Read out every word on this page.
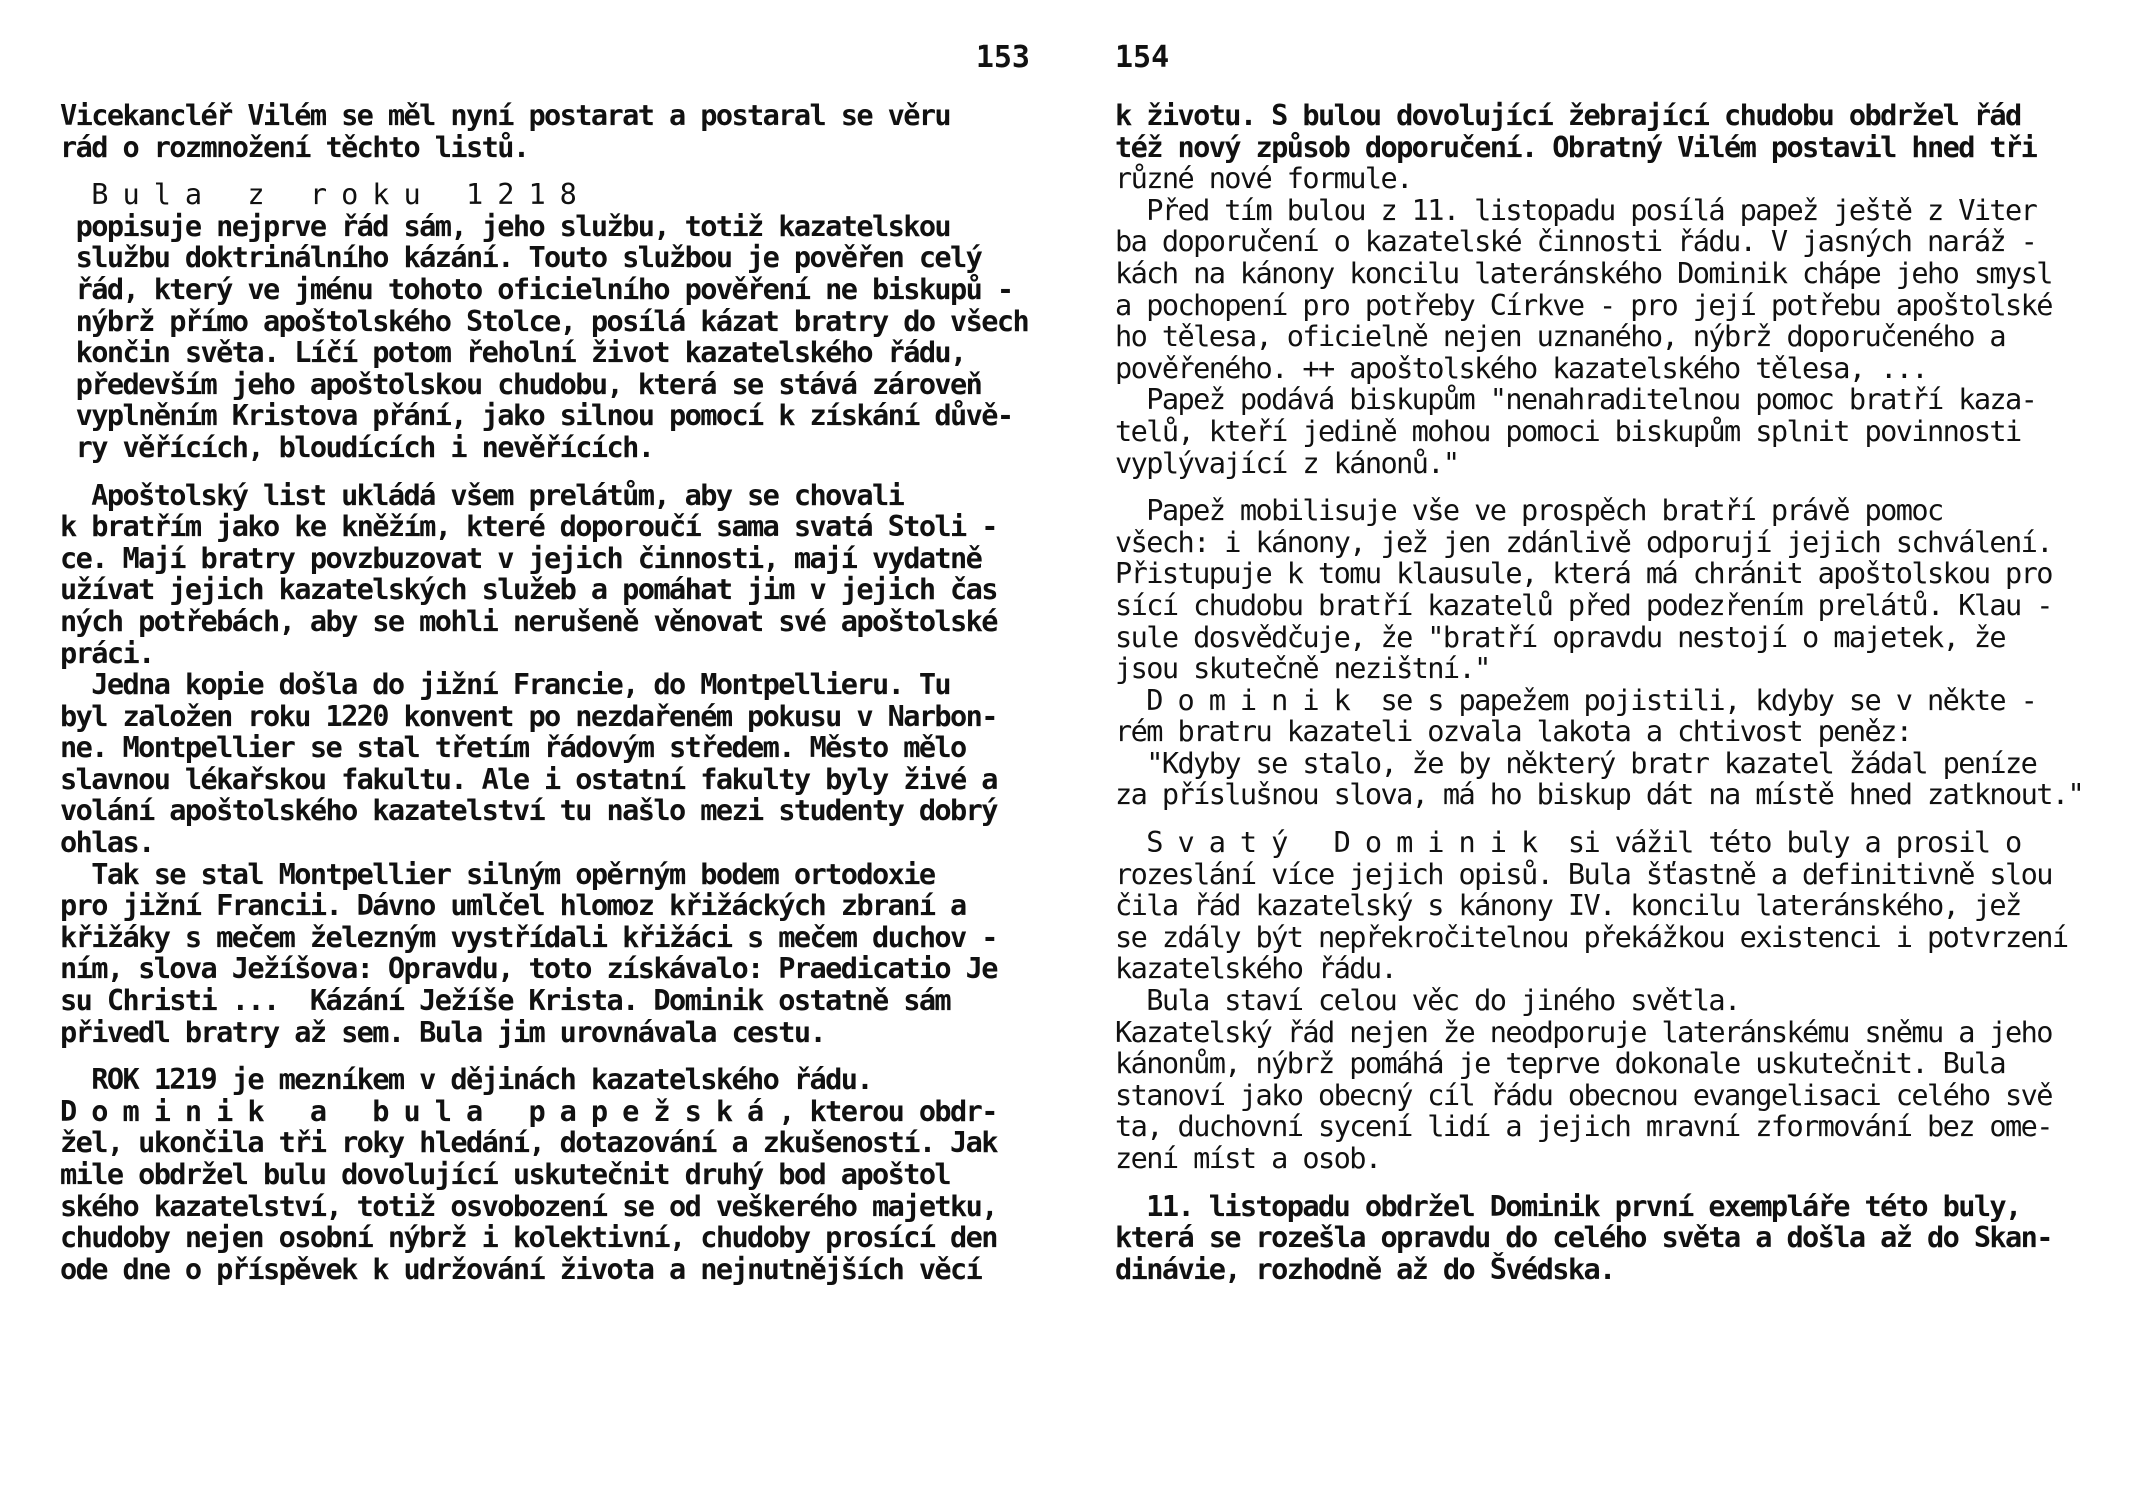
153
Vicekancléř Vilém se měl nyní postarat a postaral se věru
rád o rozmnožení těchto listů.
B u l a   z   r o k u   1 2 1 8
popisuje nejprve řád sám, jeho službu, totiž kazatelskou
službu doktrinálního kázání. Touto službou je pověřen celý
řád, který ve jménu tohoto oficielního pověření ne biskupů -
nýbrž přímo apoštolského Stolce, posílá kázat bratry do všech
končin světa. Líčí potom řeholní život kazatelského řádu,
především jeho apoštolskou chudobu, která se stává zároveň
vyplněním Kristova přání, jako silnou pomocí k získání důvě-
ry věřících, bloudících i nevěřících.
Apoštolský list ukládá všem prelátům, aby se chovali
k bratřím jako ke kněžím, které doporoučí sama svatá Stoli -
ce. Mají bratry povzbuzovat v jejich činnosti, mají vydatně
užívat jejich kazatelských služeb a pomáhat jim v jejich čas
ných potřebách, aby se mohli nerušeně věnovat své apoštolské
práci.
Jedna kopie došla do jižní Francie, do Montpellieru. Tu
byl založen roku 1220 konvent po nezdařeném pokusu v Narbon-
ne. Montpellier se stal třetím řádovým středem. Město mělo
slavnou lékařskou fakultu. Ale i ostatní fakulty byly živé a
volání apoštolského kazatelství tu našlo mezi studenty dobrý
ohlas.
Tak se stal Montpellier silným opěrným bodem ortodoxie
pro jižní Francii. Dávno umlčel hlomoz křižáckých zbraní a
křižáky s mečem železným vystřídali křižáci s mečem duchov -
ním, slova Ježíšova: Opravdu, toto získávalo: Praedicatio Je
su Christi ...  Kázání Ježíše Krista. Dominik ostatně sám
přivedl bratry až sem. Bula jim urovnávala cestu.
ROK 1219 je mezníkem v dějinách kazatelského řádu.
D o m i n i k   a   b u l a   p a p e ž s k á , kterou obdr-
žel, ukončila tři roky hledání, dotazování a zkušeností. Jak
mile obdržel bulu dovolující uskutečnit druhý bod apoštol
ského kazatelství, totiž osvobození se od veškerého majetku,
chudoby nejen osobní nýbrž i kolektivní, chudoby prosící den
ode dne o příspěvek k udržování života a nejnutnějších věcí
154
k životu. S bulou dovolující žebrající chudobu obdržel řád
též nový způsob doporučení. Obratný Vilém postavil hned tři
různé nové formule.
Před tím bulou z 11. listopadu posílá papež ještě z Viter
ba doporučení o kazatelské činnosti řádu. V jasných naráž -
kách na kánony koncilu lateránského Dominik chápe jeho smysl
a pochopení pro potřeby Církve - pro její potřebu apoštolské
ho tělesa, oficielně nejen uznaného, nýbrž doporučeného a
pověřeného. ++ apoštolského kazatelského tělesa, ...
Papež podává biskupům "nenahraditelnou pomoc bratří kaza-
telů, kteří jedině mohou pomoci biskupům splnit povinnosti
vyplývající z kánonů."
Papež mobilisuje vše ve prospěch bratří právě pomoc
všech: i kánony, jež jen zdánlivě odporují jejich schválení.
Přistupuje k tomu klausule, která má chránit apoštolskou pro
sící chudobu bratří kazatelů před podezřením prelátů. Klau -
sule dosvědčuje, že "bratří opravdu nestojí o majetek, že
jsou skutečně nezištní."
D o m i n i k  se s papežem pojistili, kdyby se v někte -
rém bratru kazateli ozvala lakota a chtivost peněz:
"Kdyby se stalo, že by některý bratr kazatel žádal peníze
za příslušnou slova, má ho biskup dát na místě hned zatknout."
S v a t ý   D o m i n i k  si vážil této buly a prosil o
rozeslání více jejich opisů. Bula šťastně a definitivně slou
čila řád kazatelský s kánony IV. koncilu lateránského, jež
se zdály být nepřekročitelnou překážkou existenci i potvrzení
kazatelského řádu.
Bula staví celou věc do jiného světla.
Kazatelský řád nejen že neodporuje lateránskému sněmu a jeho
kánonům, nýbrž pomáhá je teprve dokonale uskutečnit. Bula
stanoví jako obecný cíl řádu obecnou evangelisaci celého svě
ta, duchovní sycení lidí a jejich mravní zformování bez ome-
zení míst a osob.
11. listopadu obdržel Dominik první exempláře této buly,
která se rozešla opravdu do celého světa a došla až do Skan-
dinávie, rozhodně až do Švédska.
